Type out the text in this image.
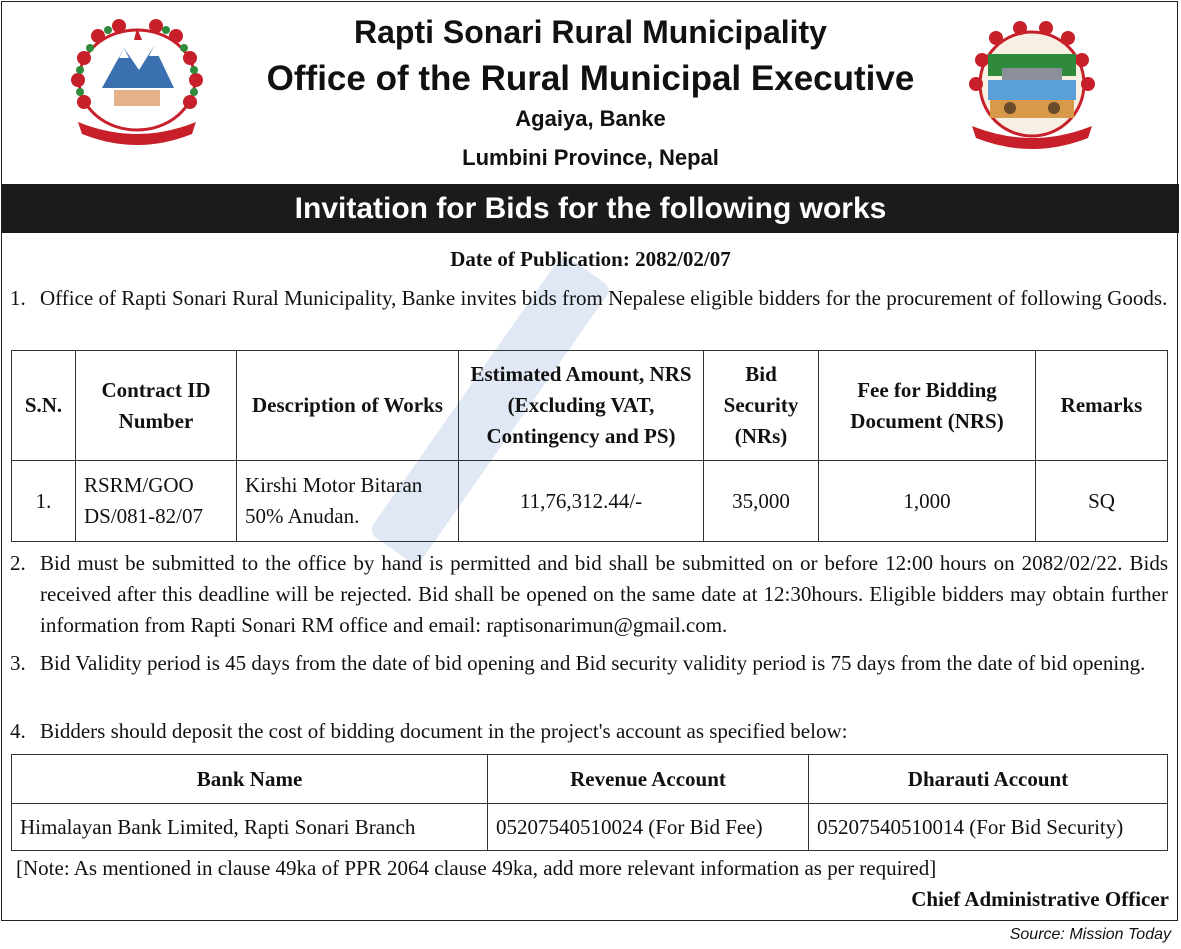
Rapti Sonari Rural Municipality
Office of the Rural Municipal Executive
Agaiya, Banke
Lumbini Province, Nepal
Invitation for Bids for the following works
Date of Publication: 2082/02/07
1. Office of Rapti Sonari Rural Municipality, Banke invites bids from Nepalese eligible bidders for the procurement of following Goods.
S.N.	Contract ID Number	Description of Works	Estimated Amount, NRS (Excluding VAT, Contingency and PS)	Bid Security (NRs)	Fee for Bidding Document (NRS)	Remarks
1.	RSRM/GOO DS/081-82/07	Kirshi Motor Bitaran 50% Anudan.	11,76,312.44/-	35,000	1,000	SQ
2. Bid must be submitted to the office by hand is permitted and bid shall be submitted on or before 12:00 hours on 2082/02/22. Bids received after this deadline will be rejected. Bid shall be opened on the same date at 12:30hours. Eligible bidders may obtain further information from Rapti Sonari RM office and email: raptisonarimun@gmail.com.
3. Bid Validity period is 45 days from the date of bid opening and Bid security validity period is 75 days from the date of bid opening.
4. Bidders should deposit the cost of bidding document in the project's account as specified below:
Bank Name	Revenue Account	Dharauti Account
Himalayan Bank Limited, Rapti Sonari Branch	05207540510024 (For Bid Fee)	05207540510014 (For Bid Security)
[Note: As mentioned in clause 49ka of PPR 2064 clause 49ka, add more relevant information as per required]
Chief Administrative Officer
Source: Mission Today
